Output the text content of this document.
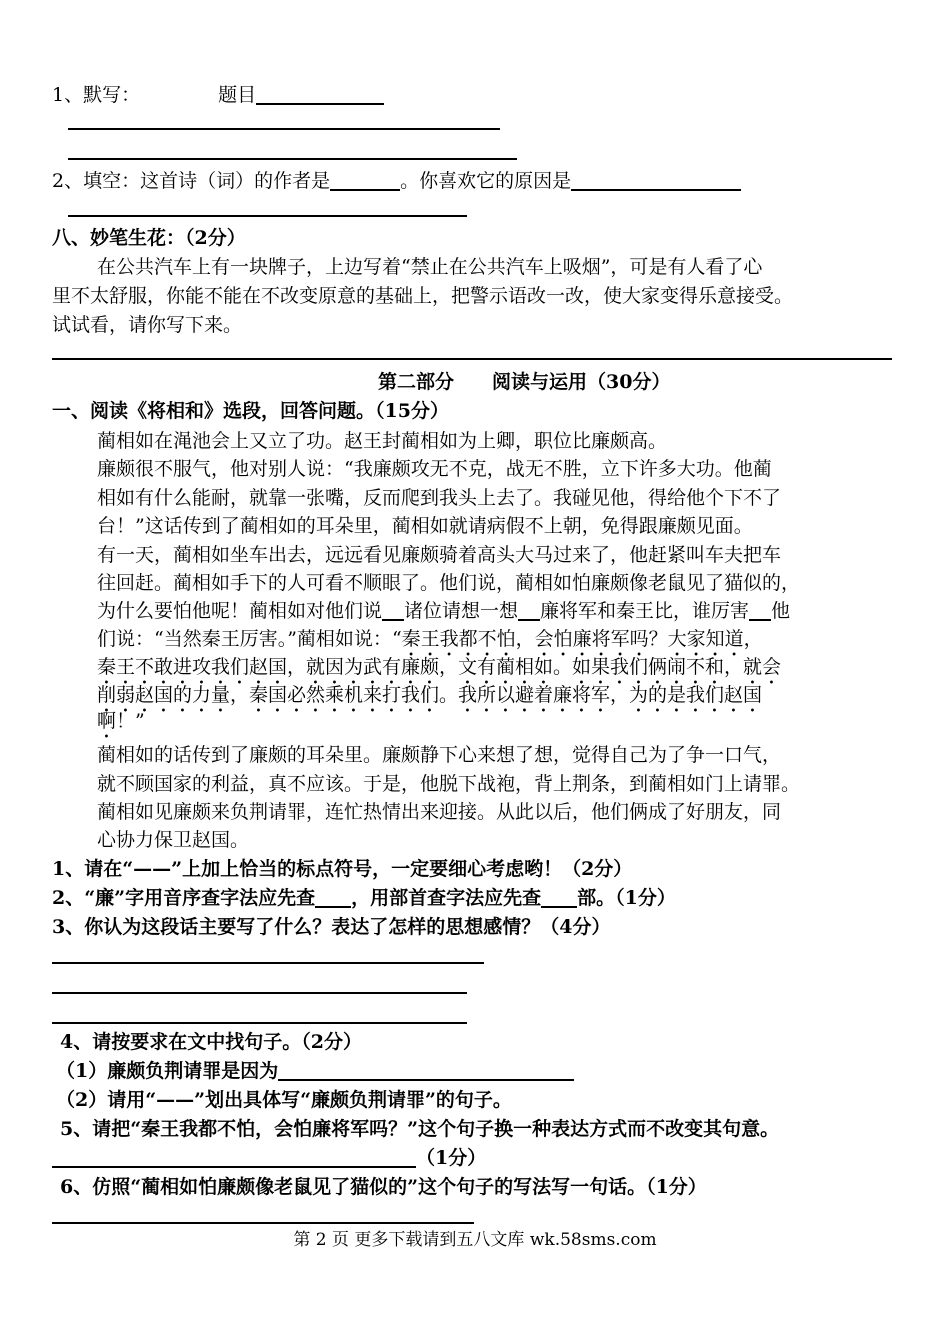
1、默写：	题目
2、填空：这首诗（词）的作者是	。你喜欢它的原因是
八、妙笔生花：（2分）
在公共汽车上有一块牌子，上边写着“禁止在公共汽车上吸烟”，可是有人看了心
里不太舒服，你能不能在不改变原意的基础上，把警示语改一改，使大家变得乐意接受。
试试看，请你写下来。
第二部分　　阅读与运用（30分）
一、阅读《将相和》选段，回答问题。（15分）
蔺相如在渑池会上又立了功。赵王封蔺相如为上卿，职位比廉颇高。
廉颇很不服气，他对别人说：“我廉颇攻无不克，战无不胜，立下许多大功。他蔺
相如有什么能耐，就靠一张嘴，反而爬到我头上去了。我碰见他，得给他个下不了
台！”这话传到了蔺相如的耳朵里，蔺相如就请病假不上朝，免得跟廉颇见面。
有一天，蔺相如坐车出去，远远看见廉颇骑着高头大马过来了，他赶紧叫车夫把车
往回赶。蔺相如手下的人可看不顺眼了。他们说，蔺相如怕廉颇像老鼠见了猫似的，
为什么要怕他呢！蔺相如对他们说 诸位请想一想 廉将军和秦王比，谁厉害 他
们说：“当然秦王厉害。”蔺相如说：“秦王我都不怕，会怕廉将军吗？大家知道，
秦王不敢进攻我们赵国，就因为武有廉颇，文有蔺相如。如果我们俩闹不和，就会
削弱赵国的力量，秦国必然乘机来打我们。我所以避着廉将军，为的是我们赵国
啊！”
蔺相如的话传到了廉颇的耳朵里。廉颇静下心来想了想，觉得自己为了争一口气，
就不顾国家的利益，真不应该。于是，他脱下战袍，背上荆条，到蔺相如门上请罪。
蔺相如见廉颇来负荆请罪，连忙热情出来迎接。从此以后，他们俩成了好朋友，同
心协力保卫赵国。
1、请在“——”上加上恰当的标点符号，一定要细心考虑哟！（2分）
2、“廉”字用音序查字法应先查 ，用部首查字法应先查 部。（1分）
3、你认为这段话主要写了什么？表达了怎样的思想感情？（4分）
4、请按要求在文中找句子。（2分）
（1）廉颇负荆请罪是因为
（2）请用“——”划出具体写“廉颇负荆请罪”的句子。
5、请把“秦王我都不怕，会怕廉将军吗？”这个句子换一种表达方式而不改变其句意。
（1分）
6、仿照“蔺相如怕廉颇像老鼠见了猫似的”这个句子的写法写一句话。（1分）
第 2 页 更多下载请到五八文库 wk.58sms.com
